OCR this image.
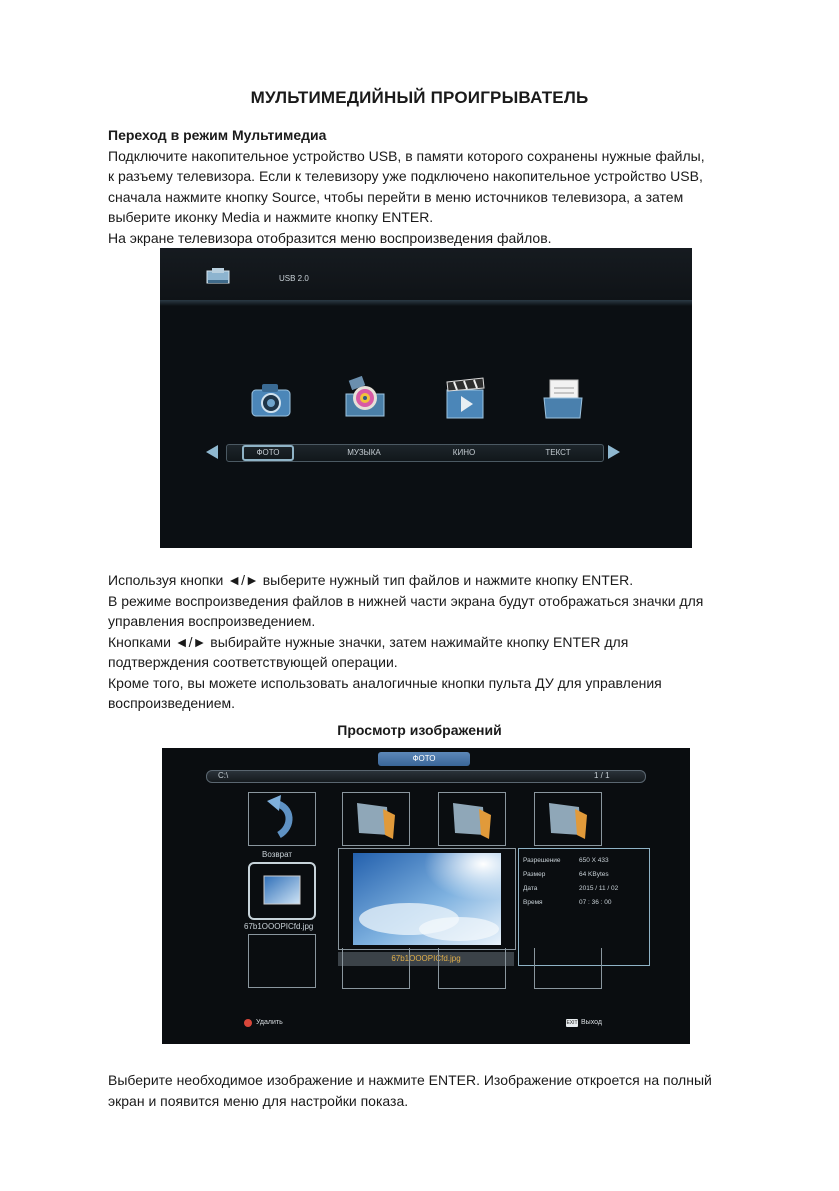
МУЛЬТИМЕДИЙНЫЙ ПРОИГРЫВАТЕЛЬ

Переход в режим Мультимедиа

Подключите накопительное устройство USB, в памяти которого сохранены нужные файлы,

к разъему телевизора. Если к телевизору уже подключено накопительное устройство USB,

сначала нажмите кнопку Source, чтобы перейти в меню источников телевизора, а затем

выберите иконку Media и нажмите кнопку ENTER.

На экране телевизора отобразится меню воспроизведения файлов.

USB 2.0
ФОТО	МУЗЫКА	КИНО	ТЕКСТ

Используя кнопки ◄/► выберите нужный тип файлов и нажмите кнопку ENTER.

В режиме воспроизведения файлов в нижней части экрана будут отображаться значки для

управления воспроизведением.

Кнопками ◄/► выбирайте нужные значки, затем нажимайте кнопку ENTER для

подтверждения соответствующей операции.

Кроме того, вы можете использовать аналогичные кнопки пульта ДУ для управления

воспроизведением.

Просмотр изображений
ФОТО
C:\	1 / 1
Возврат
67b1OOOPICfd.jpg
67b1OOOPICfd.jpg
Разрешение	650 X 433
Размер	64 KBytes
Дата	2015 / 11 / 02
Время	07 : 36 : 00
Удалить	EXIT Выход

Выберите необходимое изображение и нажмите ENTER. Изображение откроется на полный

экран и появится меню для настройки показа.
